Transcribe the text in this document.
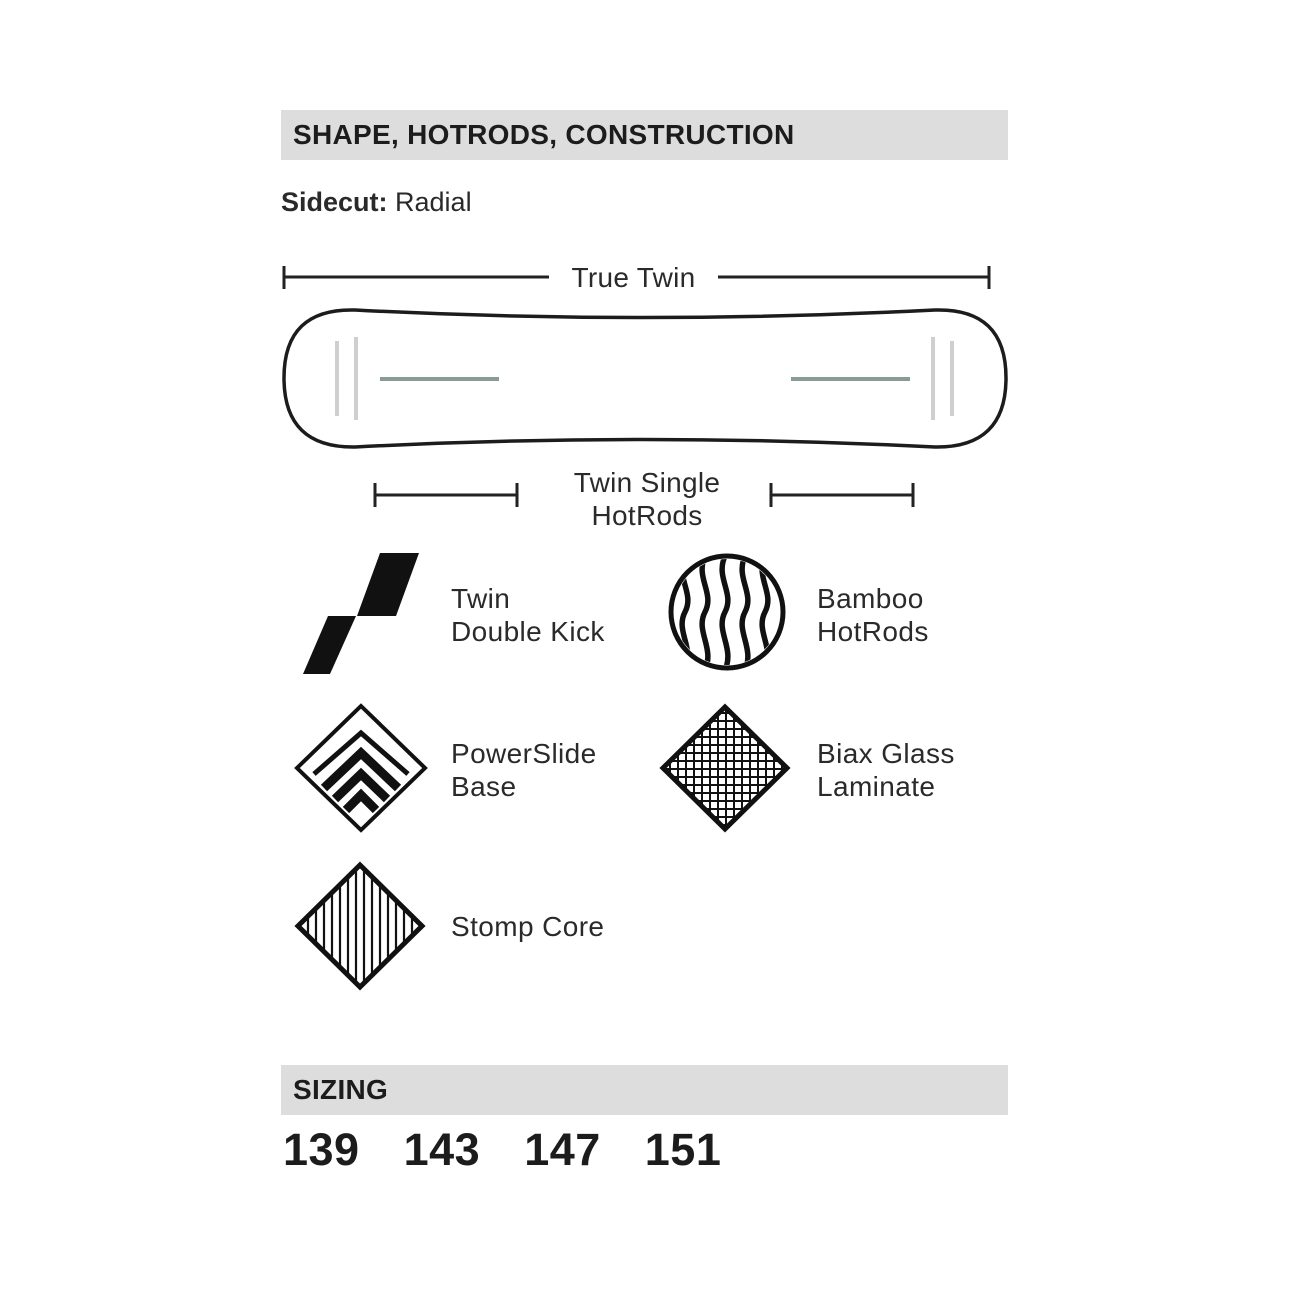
SHAPE, HOTRODS, CONSTRUCTION
Sidecut: Radial
True Twin
Twin Single
HotRods
Twin
Double Kick
Bamboo
HotRods
PowerSlide
Base
Biax Glass
Laminate
Stomp Core
SIZING
139 143 147 151
